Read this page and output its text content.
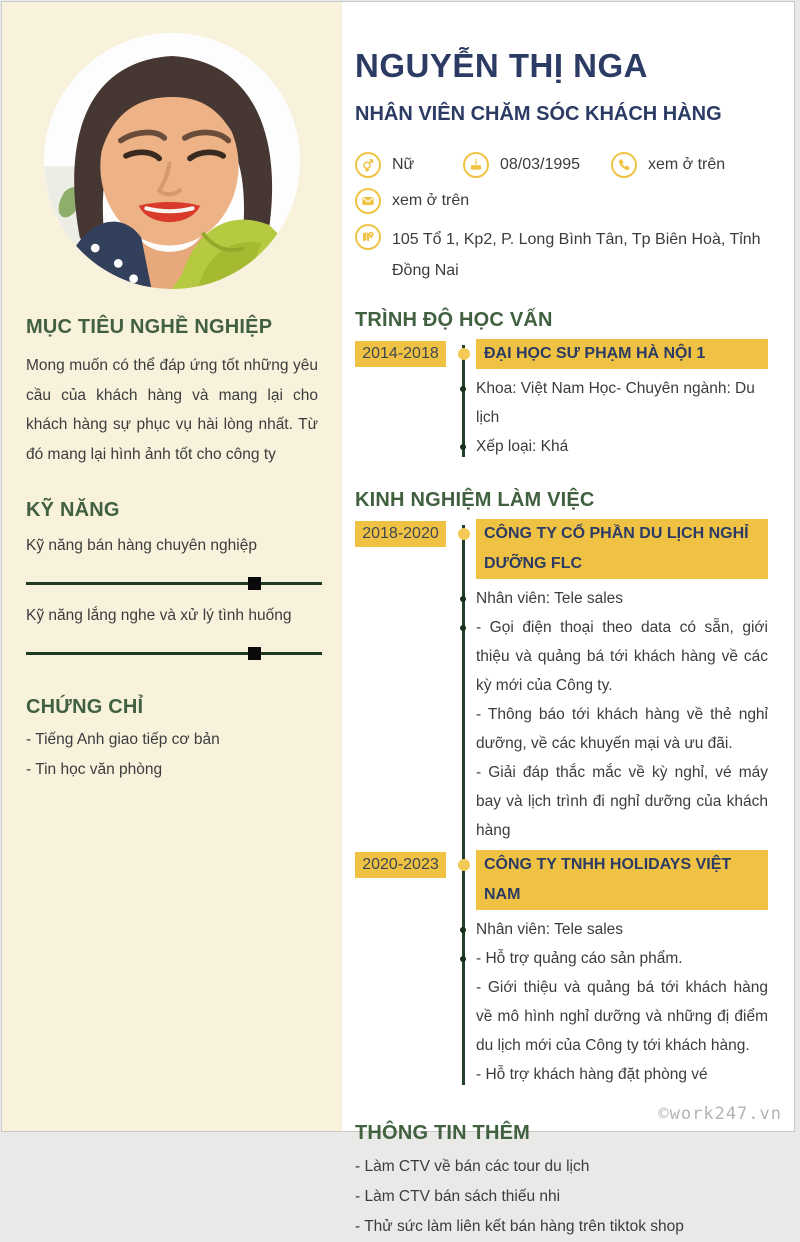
MỤC TIÊU NGHỀ NGHIỆP
Mong muốn có thể đáp ứng tốt những yêu cầu của khách hàng và mang lại cho khách hàng sự phục vụ hài lòng nhất. Từ đó mang lại hình ảnh tốt cho công ty
KỸ NĂNG
Kỹ năng bán hàng chuyên nghiệp
Kỹ năng lắng nghe và xử lý tình huống
CHỨNG CHỈ
- Tiếng Anh giao tiếp cơ bản
- Tin học văn phòng
NGUYỄN THỊ NGA
NHÂN VIÊN CHĂM SÓC KHÁCH HÀNG
Nữ	08/03/1995	xem ở trên
xem ở trên
105 Tổ 1, Kp2, P. Long Bình Tân, Tp Biên Hoà, Tỉnh Đồng Nai
TRÌNH ĐỘ HỌC VẤN
2014-2018	ĐẠI HỌC SƯ PHẠM HÀ NỘI 1
Khoa: Việt Nam Học- Chuyên ngành: Du lịch
Xếp loại: Khá
KINH NGHIỆM LÀM VIỆC
2018-2020	CÔNG TY CỔ PHẦN DU LỊCH NGHỈ DƯỠNG FLC
Nhân viên: Tele sales

- Gọi điện thoại theo data có sẵn, giới thiệu và quảng bá tới khách hàng về các kỳ mới của Công ty.

- Thông báo tới khách hàng về thẻ nghỉ dưỡng, về các khuyến mại và ưu đãi.

- Giải đáp thắc mắc về kỳ nghỉ, vé máy bay và lịch trình đi nghỉ dưỡng của khách hàng

2020-2023	CÔNG TY TNHH HOLIDAYS VIỆT NAM
Nhân viên: Tele sales

- Hỗ trợ quảng cáo sản phẩm.

- Giới thiệu và quảng bá tới khách hàng về mô hình nghỉ dưỡng và những đị điểm du lịch mới của Công ty tới khách hàng.

- Hỗ trợ khách hàng đặt phòng vé

THÔNG TIN THÊM
- Làm CTV về bán các tour du lịch
- Làm CTV bán sách thiếu nhi
- Thử sức làm liên kết bán hàng trên tiktok shop
©work247.vn
